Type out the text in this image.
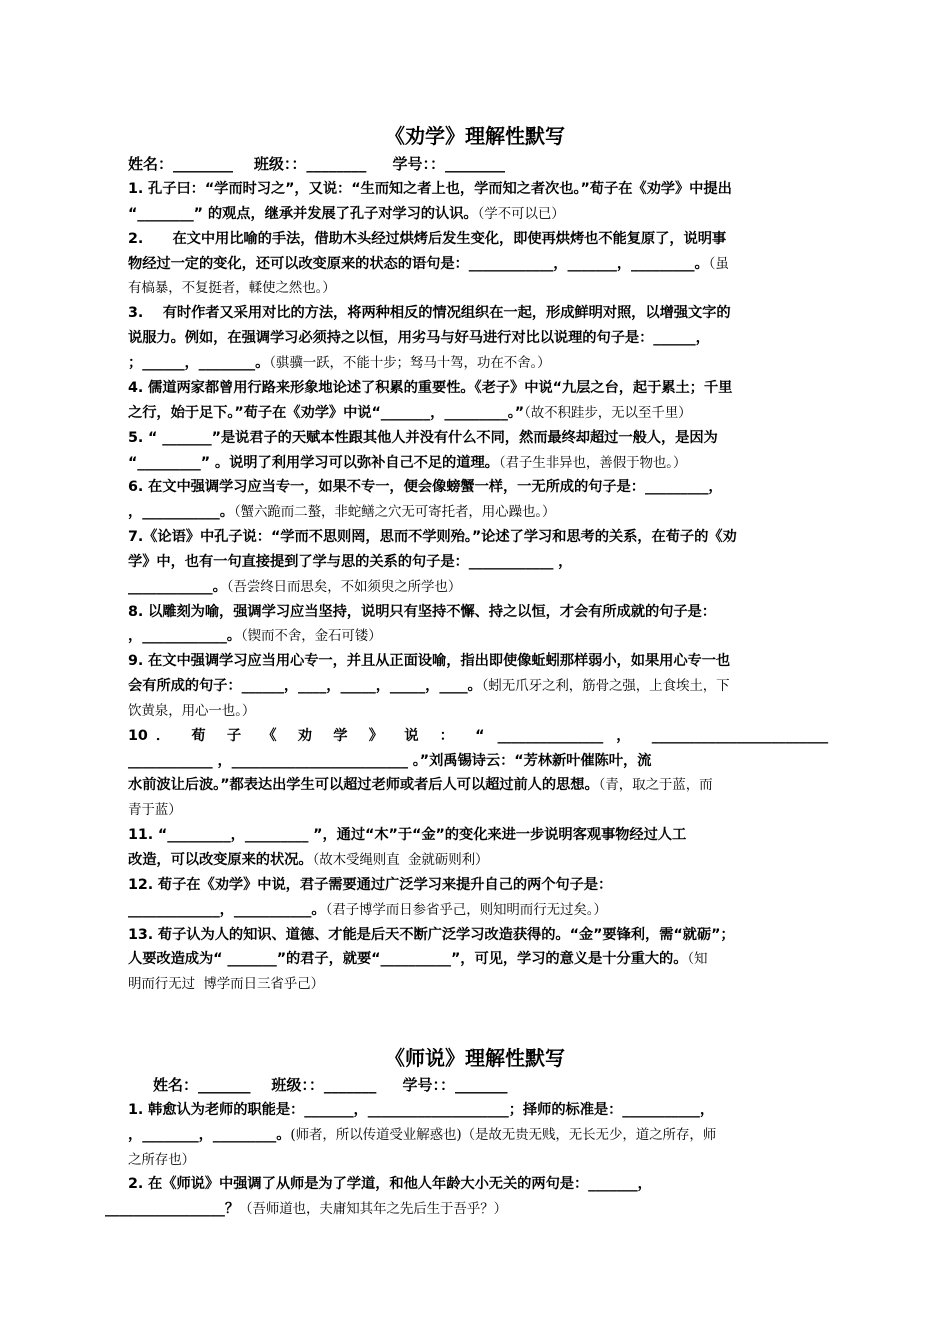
《劝学》理解性默写
姓名：________    班级：：________     学号：：________
1. 孔子曰：“学而时习之”，又说：“生而知之者上也，学而知之者次也。”荀子在《劝学》中提出
“________” 的观点，继承并发展了孔子对学习的认识。（学不可以已）
2.      在文中用比喻的手法，借助木头经过烘烤后发生变化，即使再烘烤也不能复原了，说明事
物经过一定的变化，还可以改变原来的状态的语句是：____________，_______，_________。（虽
有槁暴，不复挺者，輮使之然也。）
3.    有时作者又采用对比的方法，将两种相反的情况组织在一起，形成鲜明对照，以增强文字的
说服力。例如，在强调学习必须持之以恒，用劣马与好马进行对比以说理的句子是：______，
；______，________。（骐骥一跃，不能十步；驽马十驾，功在不舍。）
4. 儒道两家都曾用行路来形象地论述了积累的重要性。《老子》中说“九层之台，起于累土；千里
之行，始于足下。”荀子在《劝学》中说“_______，_________。”（故不积跬步，无以至千里）
5. “ _______”是说君子的天赋本性跟其他人并没有什么不同，然而最终却超过一般人，是因为
“_________” 。说明了利用学习可以弥补自己不足的道理。（君子生非异也，善假于物也。）
6. 在文中强调学习应当专一，如果不专一，便会像螃蟹一样，一无所成的句子是：_________，
，___________。（蟹六跪而二螯，非蛇鳝之穴无可寄托者，用心躁也。）
7.《论语》中孔子说：“学而不思则罔，思而不学则殆。”论述了学习和思考的关系，在荀子的《劝
学》中，也有一句直接提到了学与思的关系的句子是：____________ ，
____________。（吾尝终日而思矣，不如须臾之所学也）
8. 以雕刻为喻，强调学习应当坚持，说明只有坚持不懈、持之以恒，才会有所成就的句子是：
，____________。（锲而不舍，金石可镂）
9. 在文中强调学习应当用心专一，并且从正面设喻，指出即使像蚯蚓那样弱小，如果用心专一也
会有所成的句子：______，____，_____，_____，____。（蚓无爪牙之利，筋骨之强，上食埃土，下
饮黄泉，用心一也。）
10． 荀 子 《 劝 学 》 说 ： “ _______________ ， _________________________
____________ ，_________________________ 。”刘禹锡诗云：“芳林新叶催陈叶，流
水前波让后波。”都表达出学生可以超过老师或者后人可以超过前人的思想。（青，取之于蓝，而
青于蓝）
11. “_________，_________ ”，通过“木”于“金”的变化来进一步说明客观事物经过人工
改造，可以改变原来的状况。（故木受绳则直  金就砺则利）
12. 荀子在《劝学》中说，君子需要通过广泛学习来提升自己的两个句子是：
_____________，___________。（君子博学而日参省乎己，则知明而行无过矣。）
13. 荀子认为人的知识、道德、才能是后天不断广泛学习改造获得的。“金”要锋利，需“就砺”；
人要改造成为“ _______”的君子，就要“__________”，可见，学习的意义是十分重大的。（知
明而行无过  博学而日三省乎己）
《师说》理解性默写
姓名：_______    班级：：_______     学号：：_______
1. 韩愈认为老师的职能是：_______，____________________；择师的标准是：___________，
，________，_________。(师者，所以传道受业解惑也)（是故无贵无贱，无长无少，道之所存，师
之所存也）
2. 在《师说》中强调了从师是为了学道，和他人年龄大小无关的两句是：_______，
_________________？（吾师道也，夫庸知其年之先后生于吾乎？）
